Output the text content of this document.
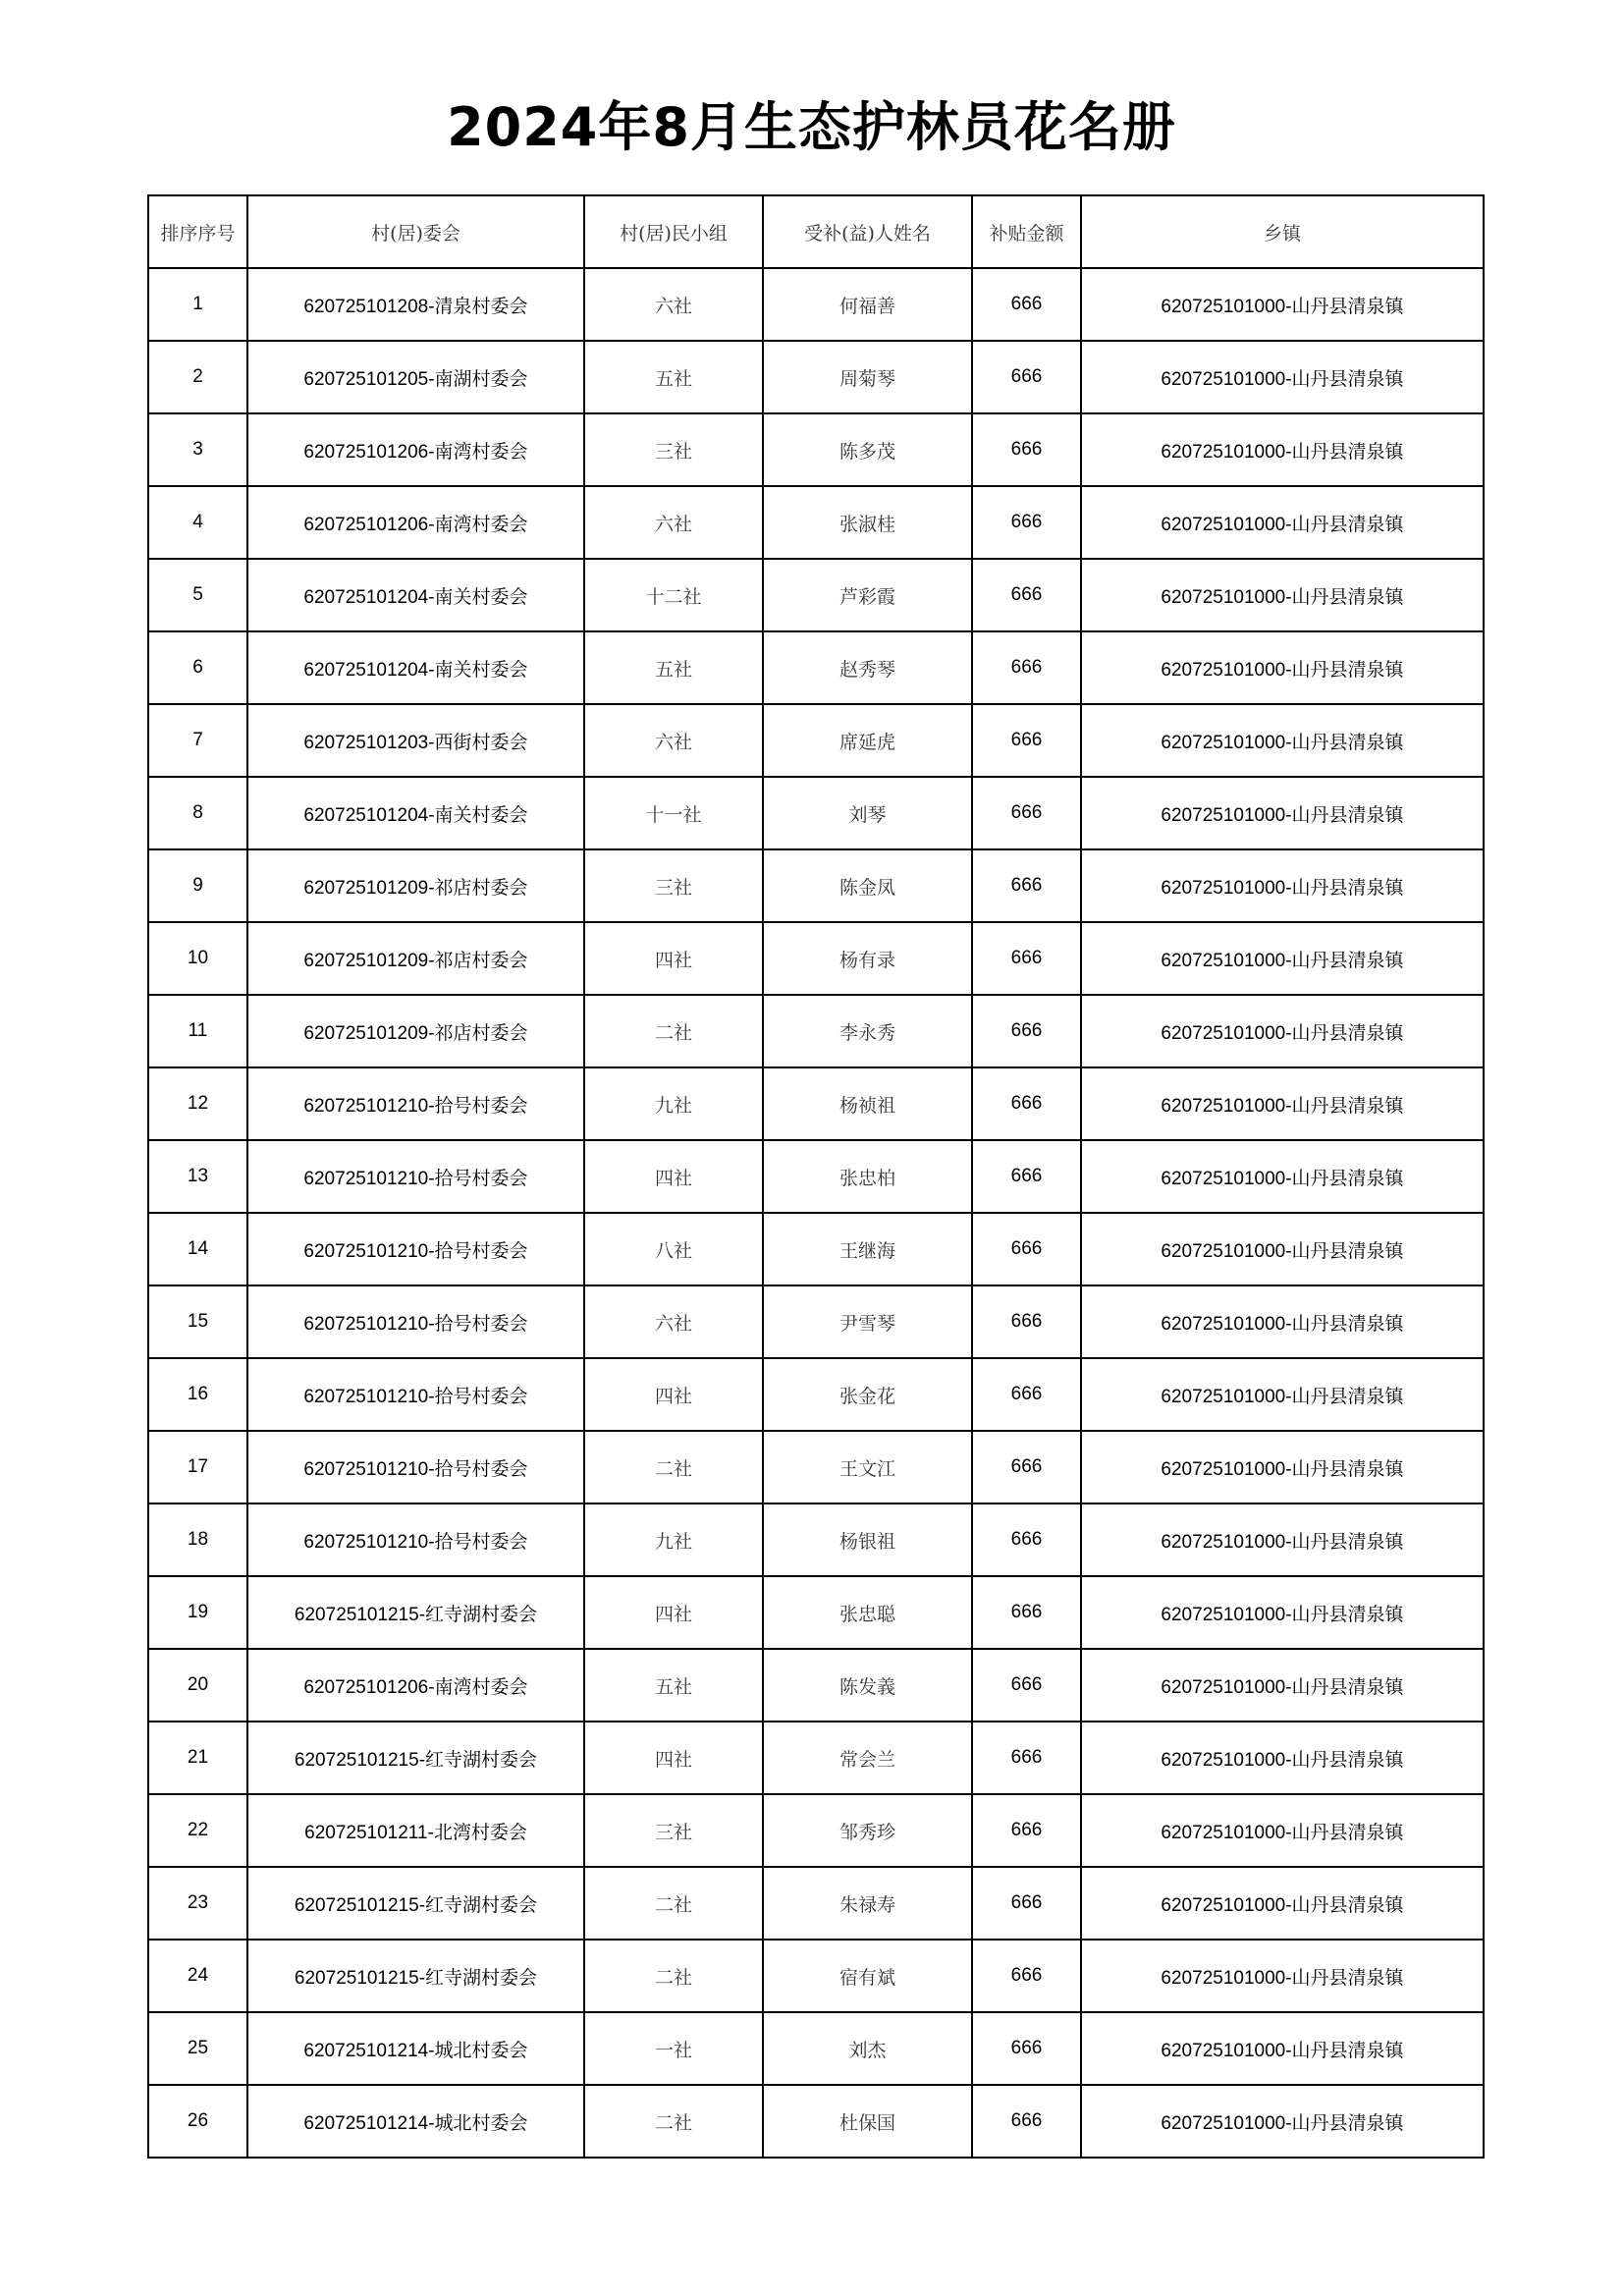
2024年8月生态护林员花名册
排序序号	村(居)委会	村(居)民小组	受补(益)人姓名	补贴金额	乡镇
1	620725101208-清泉村委会	六社	何福善	666	620725101000-山丹县清泉镇
2	620725101205-南湖村委会	五社	周菊琴	666	620725101000-山丹县清泉镇
3	620725101206-南湾村委会	三社	陈多茂	666	620725101000-山丹县清泉镇
4	620725101206-南湾村委会	六社	张淑桂	666	620725101000-山丹县清泉镇
5	620725101204-南关村委会	十二社	芦彩霞	666	620725101000-山丹县清泉镇
6	620725101204-南关村委会	五社	赵秀琴	666	620725101000-山丹县清泉镇
7	620725101203-西街村委会	六社	席延虎	666	620725101000-山丹县清泉镇
8	620725101204-南关村委会	十一社	刘琴	666	620725101000-山丹县清泉镇
9	620725101209-祁店村委会	三社	陈金凤	666	620725101000-山丹县清泉镇
10	620725101209-祁店村委会	四社	杨有录	666	620725101000-山丹县清泉镇
11	620725101209-祁店村委会	二社	李永秀	666	620725101000-山丹县清泉镇
12	620725101210-拾号村委会	九社	杨祯祖	666	620725101000-山丹县清泉镇
13	620725101210-拾号村委会	四社	张忠柏	666	620725101000-山丹县清泉镇
14	620725101210-拾号村委会	八社	王继海	666	620725101000-山丹县清泉镇
15	620725101210-拾号村委会	六社	尹雪琴	666	620725101000-山丹县清泉镇
16	620725101210-拾号村委会	四社	张金花	666	620725101000-山丹县清泉镇
17	620725101210-拾号村委会	二社	王文江	666	620725101000-山丹县清泉镇
18	620725101210-拾号村委会	九社	杨银祖	666	620725101000-山丹县清泉镇
19	620725101215-红寺湖村委会	四社	张忠聪	666	620725101000-山丹县清泉镇
20	620725101206-南湾村委会	五社	陈发義	666	620725101000-山丹县清泉镇
21	620725101215-红寺湖村委会	四社	常会兰	666	620725101000-山丹县清泉镇
22	620725101211-北湾村委会	三社	邹秀珍	666	620725101000-山丹县清泉镇
23	620725101215-红寺湖村委会	二社	朱禄寿	666	620725101000-山丹县清泉镇
24	620725101215-红寺湖村委会	二社	宿有斌	666	620725101000-山丹县清泉镇
25	620725101214-城北村委会	一社	刘杰	666	620725101000-山丹县清泉镇
26	620725101214-城北村委会	二社	杜保国	666	620725101000-山丹县清泉镇
